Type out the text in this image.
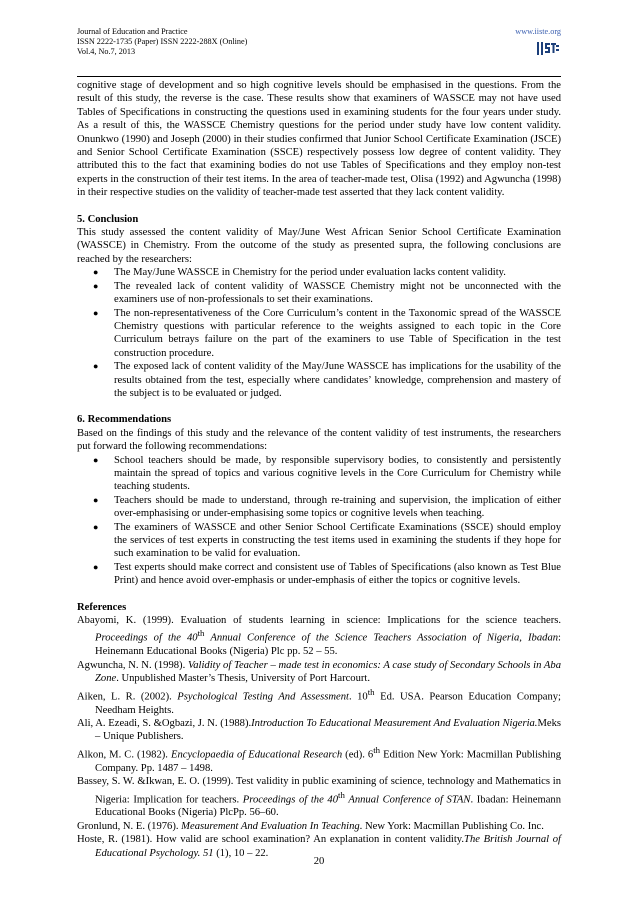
Journal of Education and Practice
ISSN 2222-1735 (Paper) ISSN 2222-288X (Online)
Vol.4, No.7, 2013
www.iiste.org

cognitive stage of development and so high cognitive levels should be emphasised in the questions. From the result of this study, the reverse is the case. These results show that examiners of WASSCE may not have used Tables of Specifications in constructing the questions used in examining students for the four years under study. As a result of this, the WASSCE Chemistry questions for the period under study have low content validity. Onunkwo (1990) and Joseph (2000) in their studies confirmed that Junior School Certificate Examination (JSCE) and Senior School Certificate Examination (SSCE) respectively possess low degree of content validity. They attributed this to the fact that examining bodies do not use Tables of Specifications and they employ non-test experts in the construction of their test items. In the area of teacher-made test, Olisa (1992) and Agwuncha (1998) in their respective studies on the validity of teacher-made test asserted that they lack content validity.

5. Conclusion

This study assessed the content validity of May/June West African Senior School Certificate Examination (WASSCE) in Chemistry. From the outcome of the study as presented supra, the following conclusions are reached by the researchers:

● The May/June WASSCE in Chemistry for the period under evaluation lacks content validity.
● The revealed lack of content validity of WASSCE Chemistry might not be unconnected with the examiners use of non-professionals to set their examinations.
● The non-representativeness of the Core Curriculum’s content in the Taxonomic spread of the WASSCE Chemistry questions with particular reference to the weights assigned to each topic in the Core Curriculum betrays failure on the part of the examiners to use Table of Specification in the test construction procedure.
● The exposed lack of content validity of the May/June WASSCE has implications for the usability of the results obtained from the test, especially where candidates’ knowledge, comprehension and mastery of the subject is to be evaluated or judged.
6. Recommendations

Based on the findings of this study and the relevance of the content validity of test instruments, the researchers put forward the following recommendations:

● School teachers should be made, by responsible supervisory bodies, to consistently and persistently maintain the spread of topics and various cognitive levels in the Core Curriculum for Chemistry while teaching students.
● Teachers should be made to understand, through re-training and supervision, the implication of either over-emphasising or under-emphasising some topics or cognitive levels when teaching.
● The examiners of WASSCE and other Senior School Certificate Examinations (SSCE) should employ the services of test experts in constructing the test items used in examining the students if they hope for such examination to be valid for evaluation.
● Test experts should make correct and consistent use of Tables of Specifications (also known as Test Blue Print) and hence avoid over-emphasis or under-emphasis of either the topics or cognitive levels.
References

Abayomi, K. (1999). Evaluation of students learning in science: Implications for the science teachers. Proceedings of the 40th Annual Conference of the Science Teachers Association of Nigeria, Ibadan: Heinemann Educational Books (Nigeria) Plc pp. 52 – 55.

Agwuncha, N. N. (1998). Validity of Teacher – made test in economics: A case study of Secondary Schools in Aba Zone. Unpublished Master’s Thesis, University of Port Harcourt.

Aiken, L. R. (2002). Psychological Testing And Assessment. 10th Ed. USA. Pearson Education Company; Needham Heights.

Ali, A. Ezeadi, S. &Ogbazi, J. N. (1988).Introduction To Educational Measurement And Evaluation Nigeria.Meks – Unique Publishers.

Alkon, M. C. (1982). Encyclopaedia of Educational Research (ed). 6th Edition New York: Macmillan Publishing Company. Pp. 1487 – 1498.

Bassey, S. W. &Ikwan, E. O. (1999). Test validity in public examining of science, technology and Mathematics in Nigeria: Implication for teachers. Proceedings of the 40th Annual Conference of STAN. Ibadan: Heinemann Educational Books (Nigeria) PlcPp. 56–60.

Gronlund, N. E. (1976). Measurement And Evaluation In Teaching. New York: Macmillan Publishing Co. Inc.

Hoste, R. (1981). How valid are school examination? An explanation in content validity.The British Journal of Educational Psychology. 51 (1), 10 – 22.

20
